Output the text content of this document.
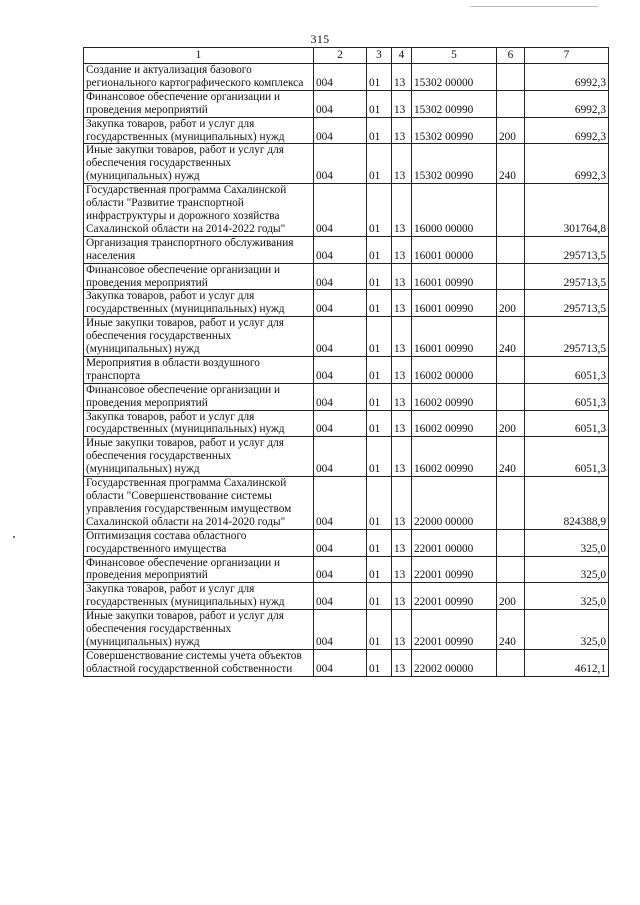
315
1	2	3	4	5	6	7
Создание и актуализация базового регионального картографического комплекса	004	01	13	15302 00000		6992,3
Финансовое обеспечение организации и проведения мероприятий	004	01	13	15302 00990		6992,3
Закупка товаров, работ и услуг для государственных (муниципальных) нужд	004	01	13	15302 00990	200	6992,3
Иные закупки товаров, работ и услуг для обеспечения государственных (муниципальных) нужд	004	01	13	15302 00990	240	6992,3
Государственная программа Сахалинской области "Развитие транспортной инфраструктуры и дорожного хозяйства Сахалинской области на 2014-2022 годы"	004	01	13	16000 00000		301764,8
Организация транспортного обслуживания населения	004	01	13	16001 00000		295713,5
Финансовое обеспечение организации и проведения мероприятий	004	01	13	16001 00990		295713,5
Закупка товаров, работ и услуг для государственных (муниципальных) нужд	004	01	13	16001 00990	200	295713,5
Иные закупки товаров, работ и услуг для обеспечения государственных (муниципальных) нужд	004	01	13	16001 00990	240	295713,5
Мероприятия в области воздушного транспорта	004	01	13	16002 00000		6051,3
Финансовое обеспечение организации и проведения мероприятий	004	01	13	16002 00990		6051,3
Закупка товаров, работ и услуг для государственных (муниципальных) нужд	004	01	13	16002 00990	200	6051,3
Иные закупки товаров, работ и услуг для обеспечения государственных (муниципальных) нужд	004	01	13	16002 00990	240	6051,3
Государственная программа Сахалинской области "Совершенствование системы управления государственным имуществом Сахалинской области на 2014-2020 годы"	004	01	13	22000 00000		824388,9
Оптимизация состава областного государственного имущества	004	01	13	22001 00000		325,0
Финансовое обеспечение организации и проведения мероприятий	004	01	13	22001 00990		325,0
Закупка товаров, работ и услуг для государственных (муниципальных) нужд	004	01	13	22001 00990	200	325,0
Иные закупки товаров, работ и услуг для обеспечения государственных (муниципальных) нужд	004	01	13	22001 00990	240	325,0
Совершенствование системы учета объектов областной государственной собственности	004	01	13	22002 00000		4612,1
